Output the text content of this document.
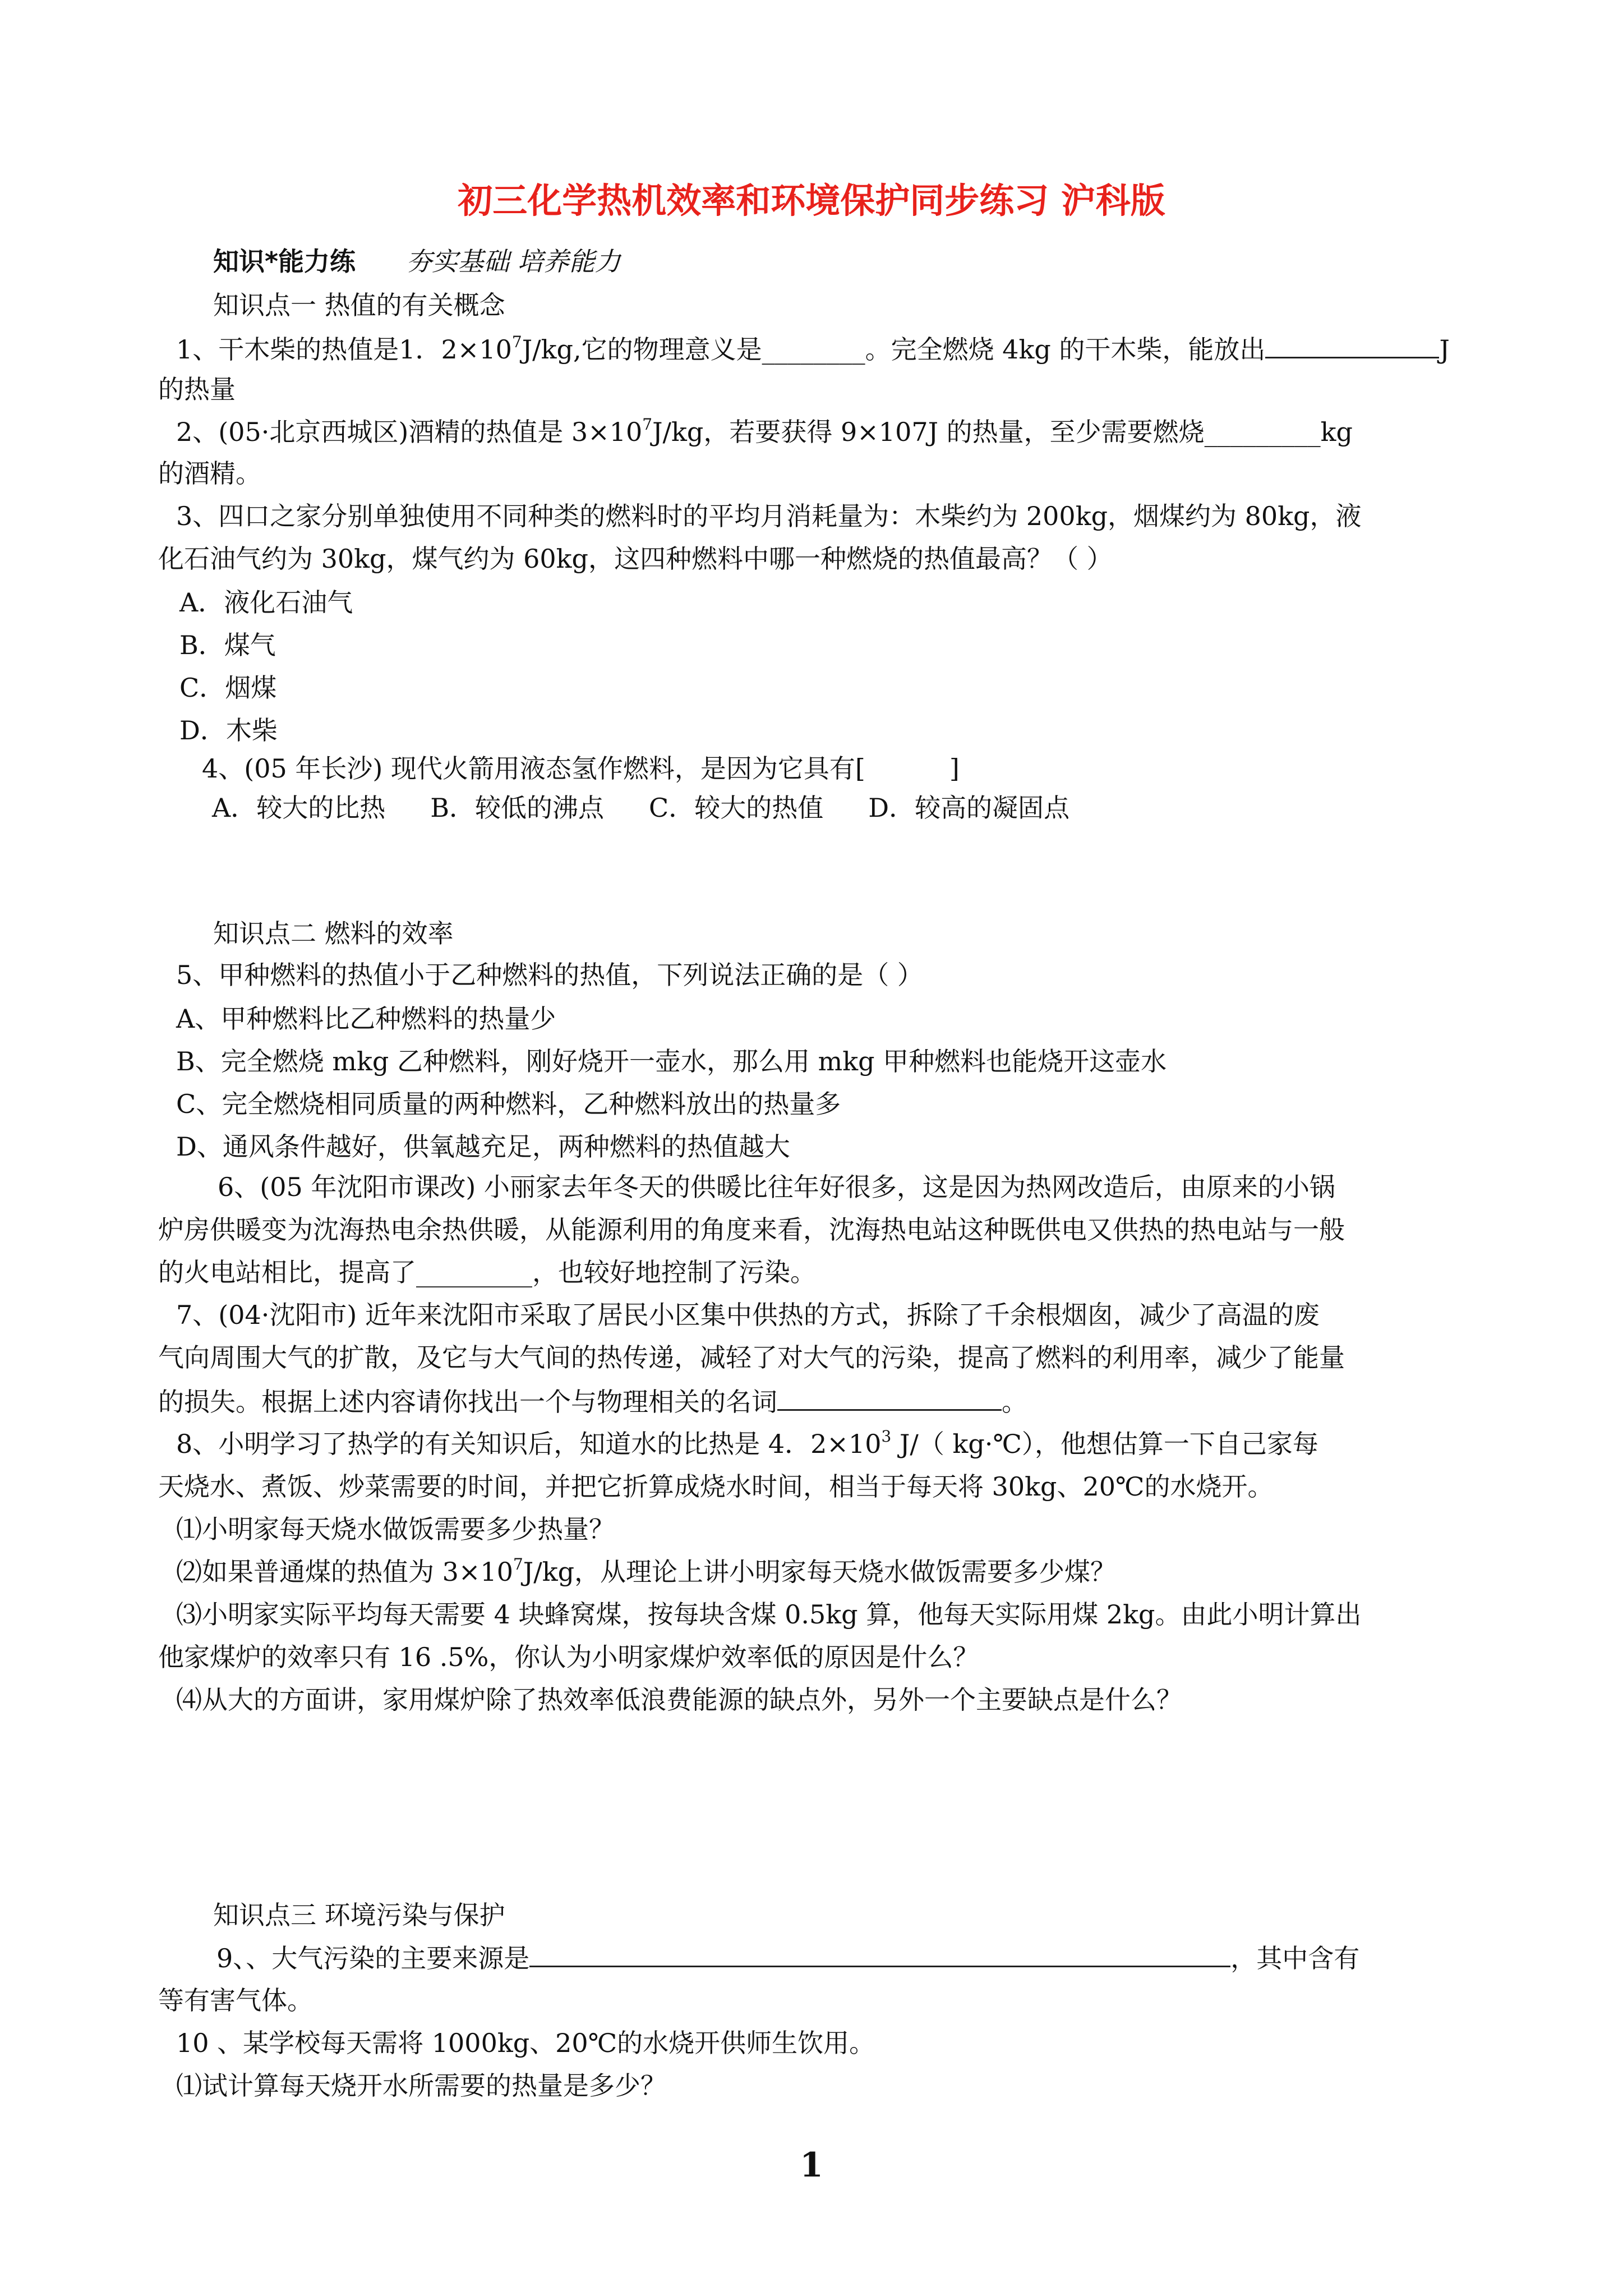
初三化学热机效率和环境保护同步练习 沪科版
知识*能力练 夯实基础 培养能力
知识点一 热值的有关概念
1、干木柴的热值是1．$2\times 10^7J/kg$,它的物理意义是________。完全燃烧 4kg 的干木柴，能放出	J
的热量
2、(05·北京西城区)酒精的热值是 $3\times 10^7J/kg$，若要获得 9×107J 的热量，至少需要燃烧_________kg
的酒精。
3、四口之家分别单独使用不同种类的燃料时的平均月消耗量为：木柴约为 200kg，烟煤约为 80kg，液
化石油气约为 30kg，煤气约为 60kg，这四种燃料中哪一种燃烧的热值最高？（ ）
A．液化石油气
B．煤气
C．烟煤
D．木柴
4、(05 年长沙) 现代火箭用液态氢作燃料，是因为它具有[	]
A．较大的比热 B．较低的沸点 C．较大的热值 D．较高的凝固点
知识点二 燃料的效率
5、甲种燃料的热值小于乙种燃料的热值，下列说法正确的是（ ）
A、甲种燃料比乙种燃料的热量少
B、完全燃烧 mkg 乙种燃料，刚好烧开一壶水，那么用 mkg 甲种燃料也能烧开这壶水
C、完全燃烧相同质量的两种燃料，乙种燃料放出的热量多
D、通风条件越好，供氧越充足，两种燃料的热值越大
6、(05 年沈阳市课改) 小丽家去年冬天的供暖比往年好很多，这是因为热网改造后，由原来的小锅
炉房供暖变为沈海热电余热供暖，从能源利用的角度来看，沈海热电站这种既供电又供热的热电站与一般
的火电站相比，提高了_________，也较好地控制了污染。
7、(04·沈阳市) 近年来沈阳市采取了居民小区集中供热的方式，拆除了千余根烟囱，减少了高温的废
气向周围大气的扩散，及它与大气间的热传递，减轻了对大气的污染，提高了燃料的利用率，减少了能量
的损失。根据上述内容请你找出一个与物理相关的名词	。
8、小明学习了热学的有关知识后，知道水的比热是 4．$2\times 10^3$ J/（ kg·℃），他想估算一下自己家每
天烧水、煮饭、炒菜需要的时间，并把它折算成烧水时间，相当于每天将 30kg、20℃的水烧开。
⑴小明家每天烧水做饭需要多少热量？
⑵如果普通煤的热值为 $3\times 10^7J/kg$，从理论上讲小明家每天烧水做饭需要多少煤？
⑶小明家实际平均每天需要 4 块蜂窝煤，按每块含煤 0.5kg 算，他每天实际用煤 2kg。由此小明计算出
他家煤炉的效率只有 16 .5%，你认为小明家煤炉效率低的原因是什么？
⑷从大的方面讲，家用煤炉除了热效率低浪费能源的缺点外，另外一个主要缺点是什么？
知识点三 环境污染与保护
9、、大气污染的主要来源是	，其中含有
等有害气体。
10 、某学校每天需将 1000kg、20℃的水烧开供师生饮用。
⑴试计算每天烧开水所需要的热量是多少？
1
